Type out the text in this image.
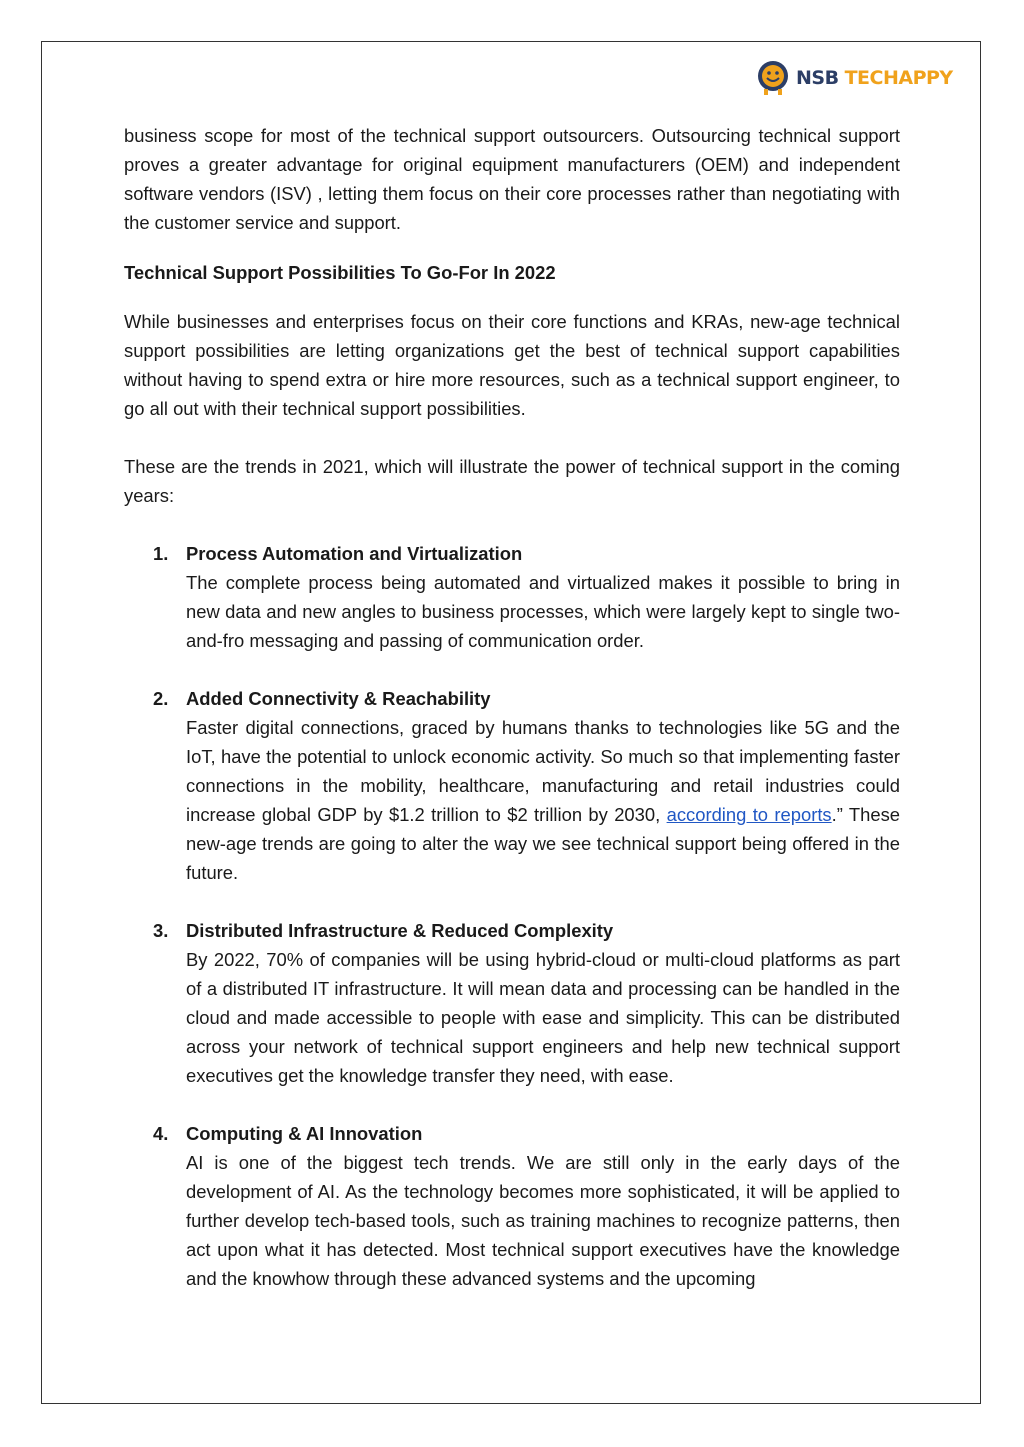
NSB TECHAPPY

business scope for most of the technical support outsourcers. Outsourcing technical support proves a greater advantage for original equipment manufacturers (OEM) and independent software vendors (ISV) , letting them focus on their core processes rather than negotiating with the customer service and support.

Technical Support Possibilities To Go-For In 2022

While businesses and enterprises focus on their core functions and KRAs, new-age technical support possibilities are letting organizations get the best of technical support capabilities without having to spend extra or hire more resources, such as a technical support engineer, to go all out with their technical support possibilities.

These are the trends in 2021, which will illustrate the power of technical support in the coming years:

1. Process Automation and Virtualization
The complete process being automated and virtualized makes it possible to bring in new data and new angles to business processes, which were largely kept to single two-and-fro messaging and passing of communication order.
2. Added Connectivity & Reachability
Faster digital connections, graced by humans thanks to technologies like 5G and the IoT, have the potential to unlock economic activity. So much so that implementing faster connections in the mobility, healthcare, manufacturing and retail industries could increase global GDP by $1.2 trillion to $2 trillion by 2030, according to reports.” These new-age trends are going to alter the way we see technical support being offered in the future.
3. Distributed Infrastructure & Reduced Complexity
By 2022, 70% of companies will be using hybrid-cloud or multi-cloud platforms as part of a distributed IT infrastructure. It will mean data and processing can be handled in the cloud and made accessible to people with ease and simplicity. This can be distributed across your network of technical support engineers and help new technical support executives get the knowledge transfer they need, with ease.
4. Computing & AI Innovation
AI is one of the biggest tech trends. We are still only in the early days of the development of AI. As the technology becomes more sophisticated, it will be applied to further develop tech-based tools, such as training machines to recognize patterns, then act upon what it has detected. Most technical support executives have the knowledge and the knowhow through these advanced systems and the upcoming
